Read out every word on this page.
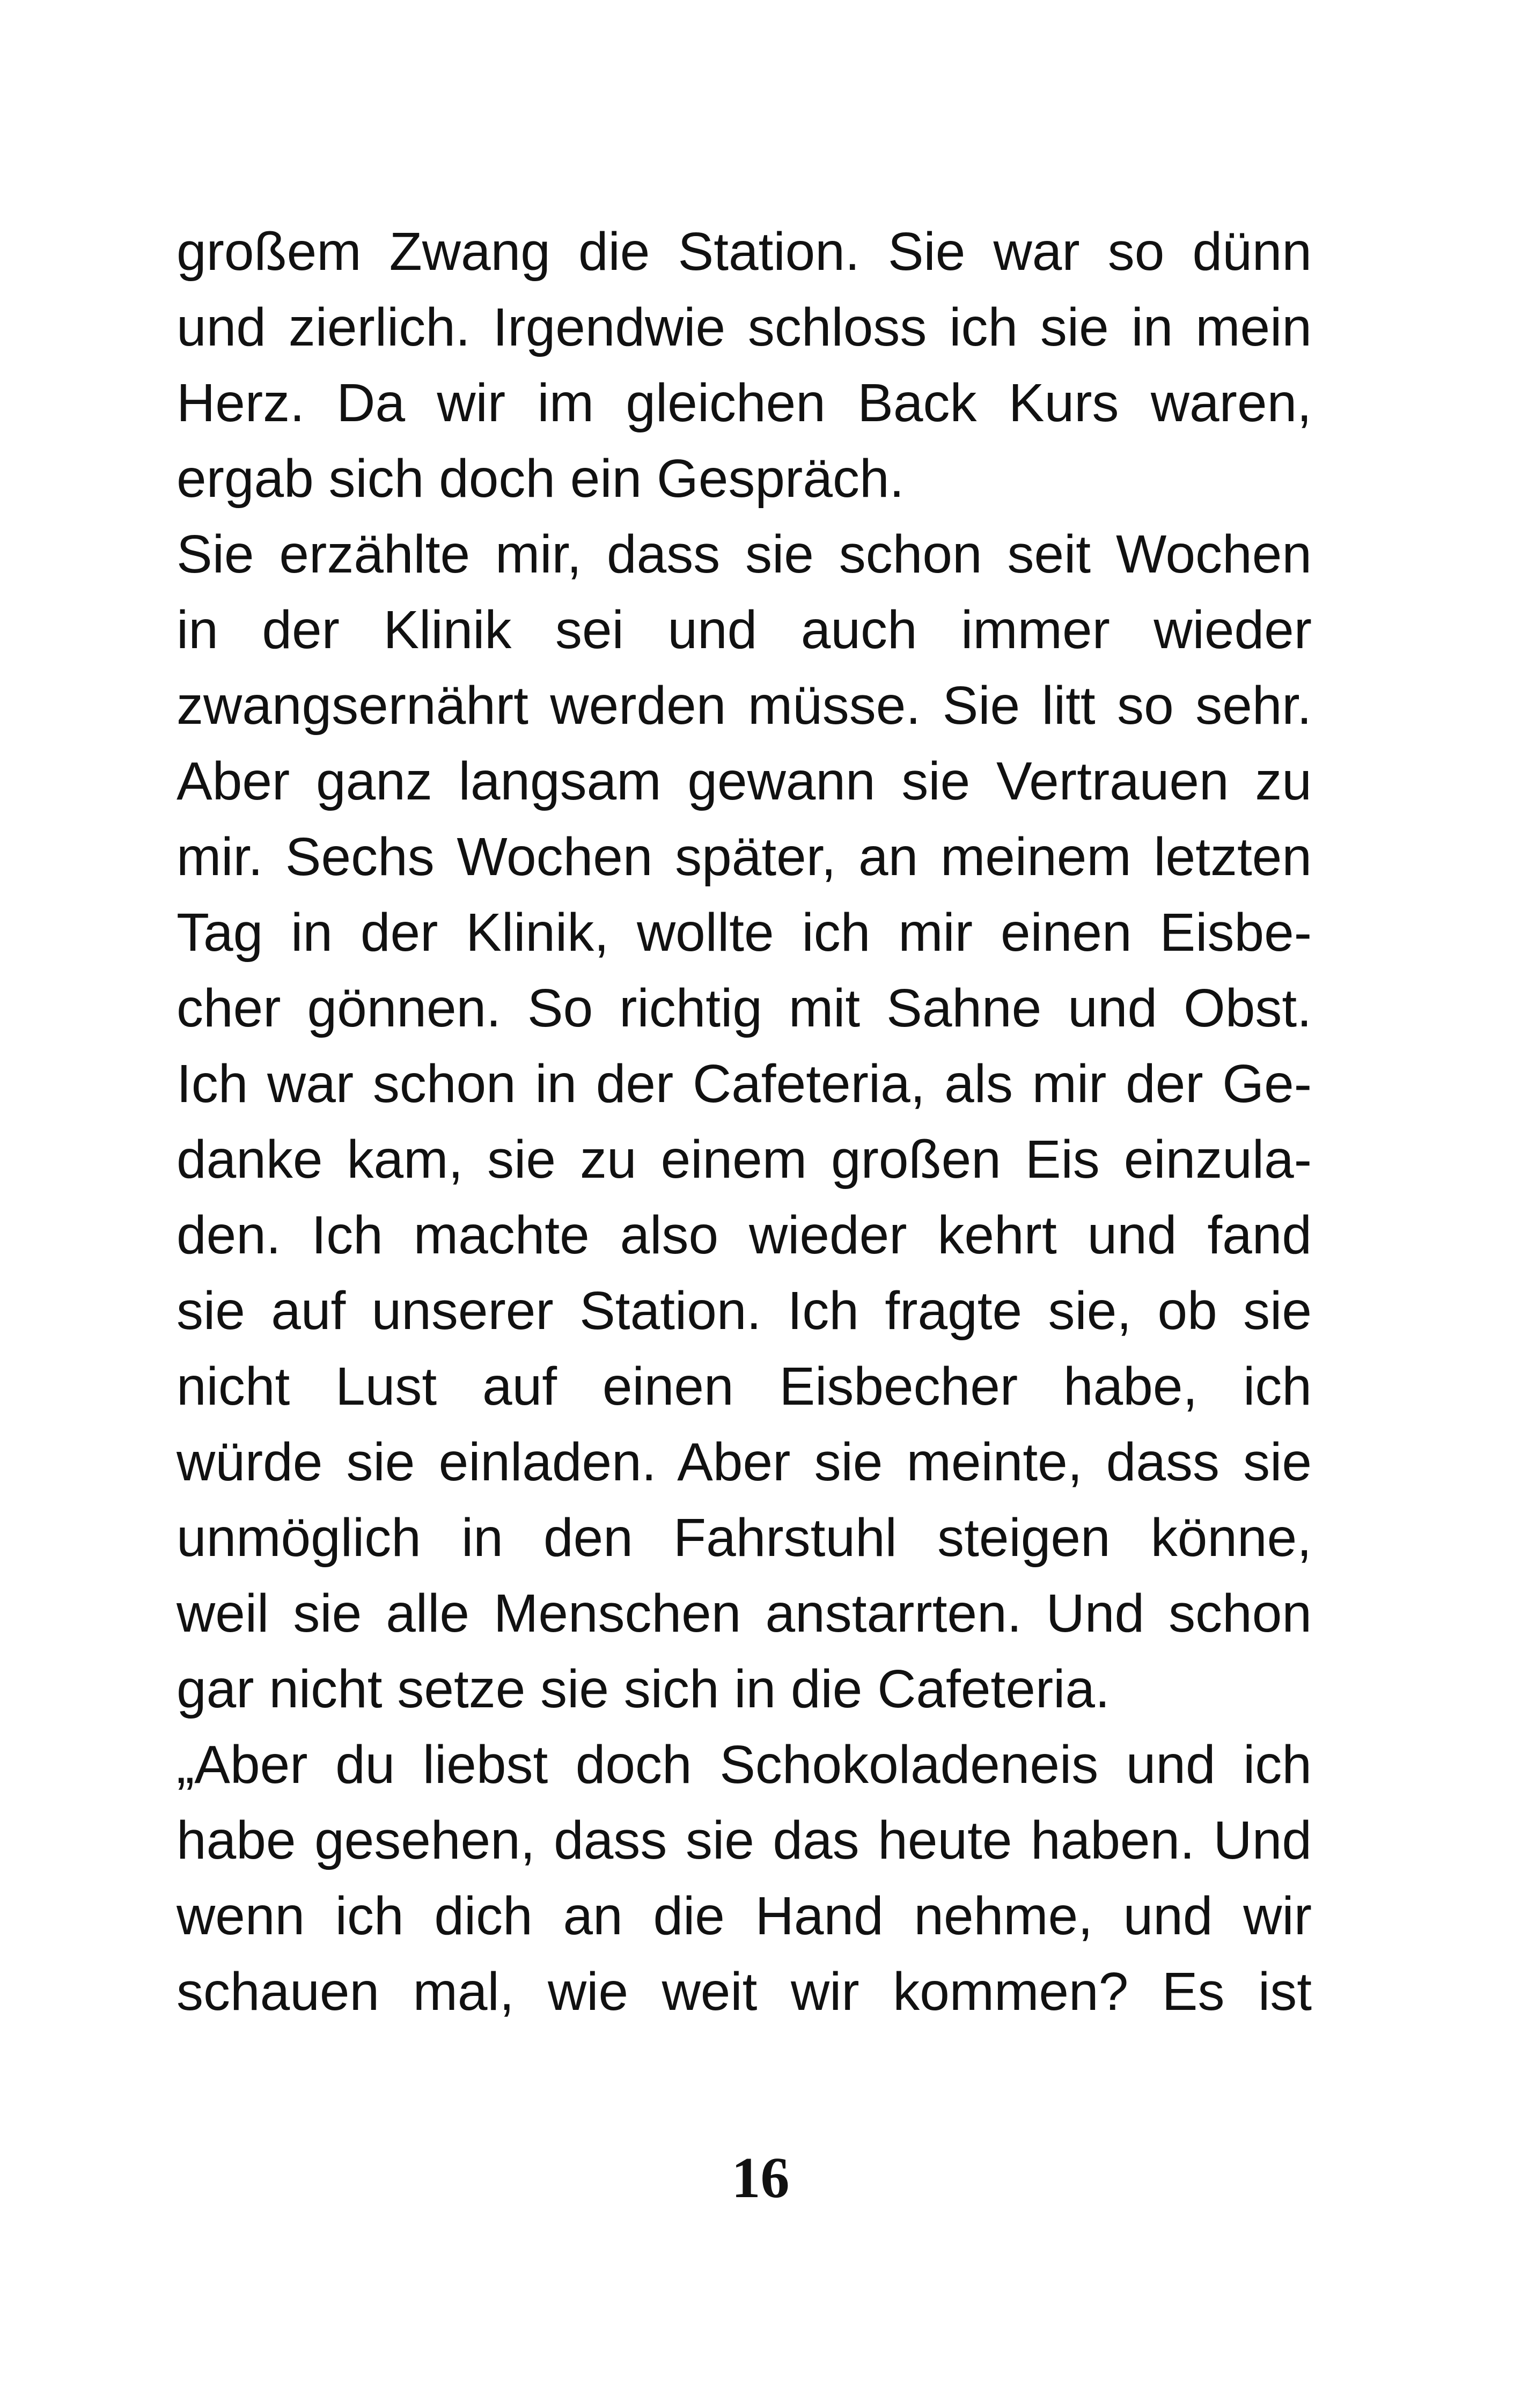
großem Zwang die Station. Sie war so dünn
und zierlich. Irgendwie schloss ich sie in mein
Herz. Da wir im gleichen Back Kurs waren,
ergab sich doch ein Gespräch.
Sie erzählte mir, dass sie schon seit Wochen
in der Klinik sei und auch immer wieder
zwangsernährt werden müsse. Sie litt so sehr.
Aber ganz langsam gewann sie Vertrauen zu
mir. Sechs Wochen später, an meinem letzten
Tag in der Klinik, wollte ich mir einen Eisbe-
cher gönnen. So richtig mit Sahne und Obst.
Ich war schon in der Cafeteria, als mir der Ge-
danke kam, sie zu einem großen Eis einzula-
den. Ich machte also wieder kehrt und fand
sie auf unserer Station. Ich fragte sie, ob sie
nicht Lust auf einen Eisbecher habe, ich
würde sie einladen. Aber sie meinte, dass sie
unmöglich in den Fahrstuhl steigen könne,
weil sie alle Menschen anstarrten. Und schon
gar nicht setze sie sich in die Cafeteria.
„Aber du liebst doch Schokoladeneis und ich
habe gesehen, dass sie das heute haben. Und
wenn ich dich an die Hand nehme, und wir
schauen mal, wie weit wir kommen? Es ist
16
